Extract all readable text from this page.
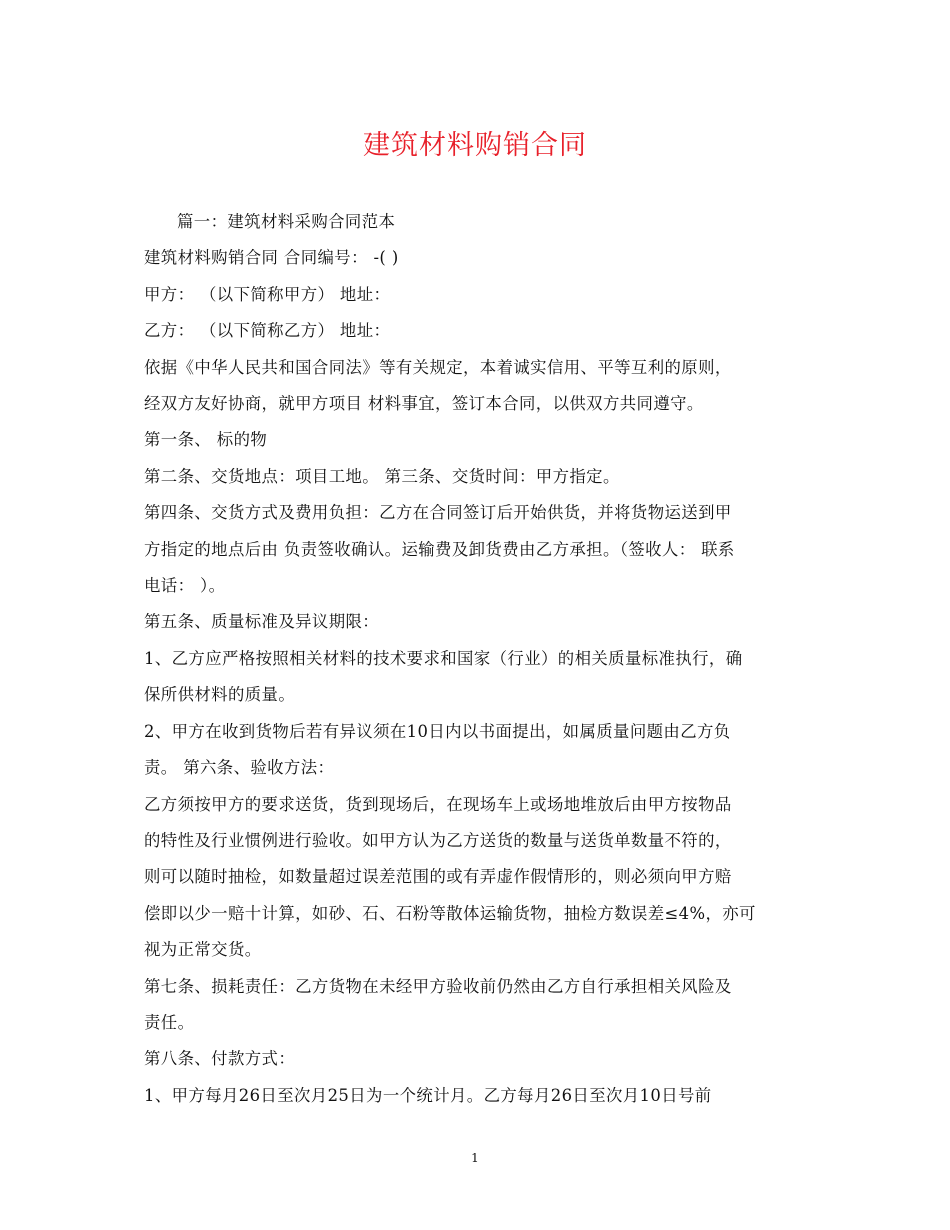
建筑材料购销合同
篇一：建筑材料采购合同范本
建筑材料购销合同 合同编号： -( )
甲方： （以下简称甲方） 地址：
乙方： （以下简称乙方） 地址：
依据《中华人民共和国合同法》等有关规定，本着诚实信用、平等互利的原则，
经双方友好协商，就甲方项目 材料事宜，签订本合同，以供双方共同遵守。
第一条、 标的物
第二条、交货地点：项目工地。 第三条、交货时间：甲方指定。
第四条、交货方式及费用负担：乙方在合同签订后开始供货，并将货物运送到甲
方指定的地点后由 负责签收确认。运输费及卸货费由乙方承担。（签收人： 联系
电话： ）。
第五条、质量标准及异议期限：
1、乙方应严格按照相关材料的技术要求和国家（行业）的相关质量标准执行，确
保所供材料的质量。
2、甲方在收到货物后若有异议须在10日内以书面提出，如属质量问题由乙方负
责。 第六条、验收方法：
乙方须按甲方的要求送货，货到现场后，在现场车上或场地堆放后由甲方按物品
的特性及行业惯例进行验收。如甲方认为乙方送货的数量与送货单数量不符的，
则可以随时抽检，如数量超过误差范围的或有弄虚作假情形的，则必须向甲方赔
偿即以少一赔十计算，如砂、石、石粉等散体运输货物，抽检方数误差≤4%，亦可
视为正常交货。
第七条、损耗责任：乙方货物在未经甲方验收前仍然由乙方自行承担相关风险及
责任。
第八条、付款方式：
1、甲方每月26日至次月25日为一个统计月。乙方每月26日至次月10日号前
1
